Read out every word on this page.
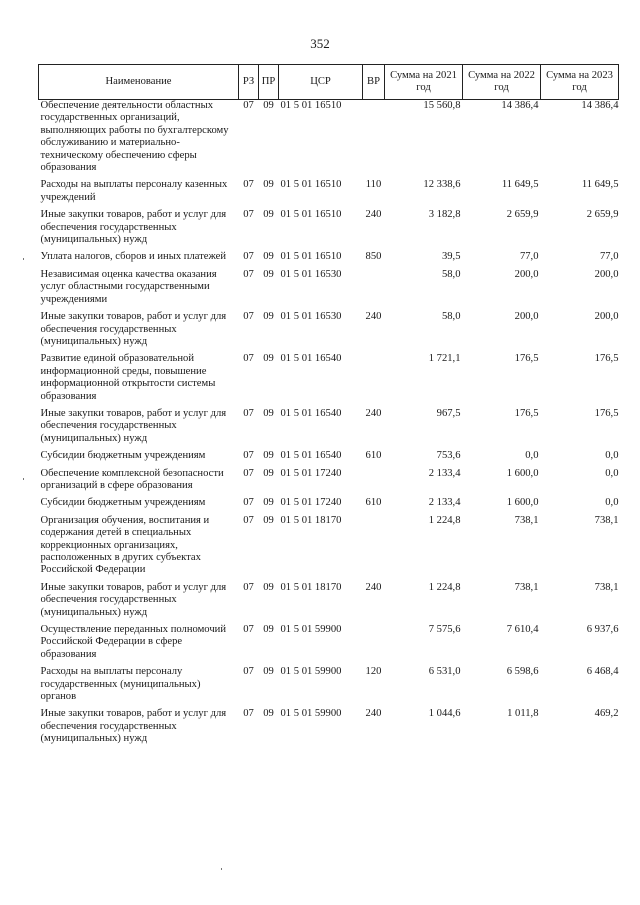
352
Наименование	РЗ	ПР	ЦСР	ВР	Сумма на 2021 год	Сумма на 2022 год	Сумма на 2023 год
Обеспечение деятельности областных государственных организаций, выполняющих работы по бухгалтерскому обслуживанию и материально-техническому обеспечению сферы образования	07	09	01 5 01 16510		15 560,8	14 386,4	14 386,4
Расходы на выплаты персоналу казенных учреждений	07	09	01 5 01 16510	110	12 338,6	11 649,5	11 649,5
Иные закупки товаров, работ и услуг для обеспечения государственных (муниципальных) нужд	07	09	01 5 01 16510	240	3 182,8	2 659,9	2 659,9
Уплата налогов, сборов и иных платежей	07	09	01 5 01 16510	850	39,5	77,0	77,0
Независимая оценка качества оказания услуг областными государственными учреждениями	07	09	01 5 01 16530		58,0	200,0	200,0
Иные закупки товаров, работ и услуг для обеспечения государственных (муниципальных) нужд	07	09	01 5 01 16530	240	58,0	200,0	200,0
Развитие единой образовательной информационной среды, повышение информационной открытости системы образования	07	09	01 5 01 16540		1 721,1	176,5	176,5
Иные закупки товаров, работ и услуг для обеспечения государственных (муниципальных) нужд	07	09	01 5 01 16540	240	967,5	176,5	176,5
Субсидии бюджетным учреждениям	07	09	01 5 01 16540	610	753,6	0,0	0,0
Обеспечение комплексной безопасности организаций в сфере образования	07	09	01 5 01 17240		2 133,4	1 600,0	0,0
Субсидии бюджетным учреждениям	07	09	01 5 01 17240	610	2 133,4	1 600,0	0,0
Организация обучения, воспитания и содержания детей в специальных коррекционных организациях, расположенных в других субъектах Российской Федерации	07	09	01 5 01 18170		1 224,8	738,1	738,1
Иные закупки товаров, работ и услуг для обеспечения государственных (муниципальных) нужд	07	09	01 5 01 18170	240	1 224,8	738,1	738,1
Осуществление переданных полномочий Российской Федерации в сфере образования	07	09	01 5 01 59900		7 575,6	7 610,4	6 937,6
Расходы на выплаты персоналу государственных (муниципальных) органов	07	09	01 5 01 59900	120	6 531,0	6 598,6	6 468,4
Иные закупки товаров, работ и услуг для обеспечения государственных (муниципальных) нужд	07	09	01 5 01 59900	240	1 044,6	1 011,8	469,2
